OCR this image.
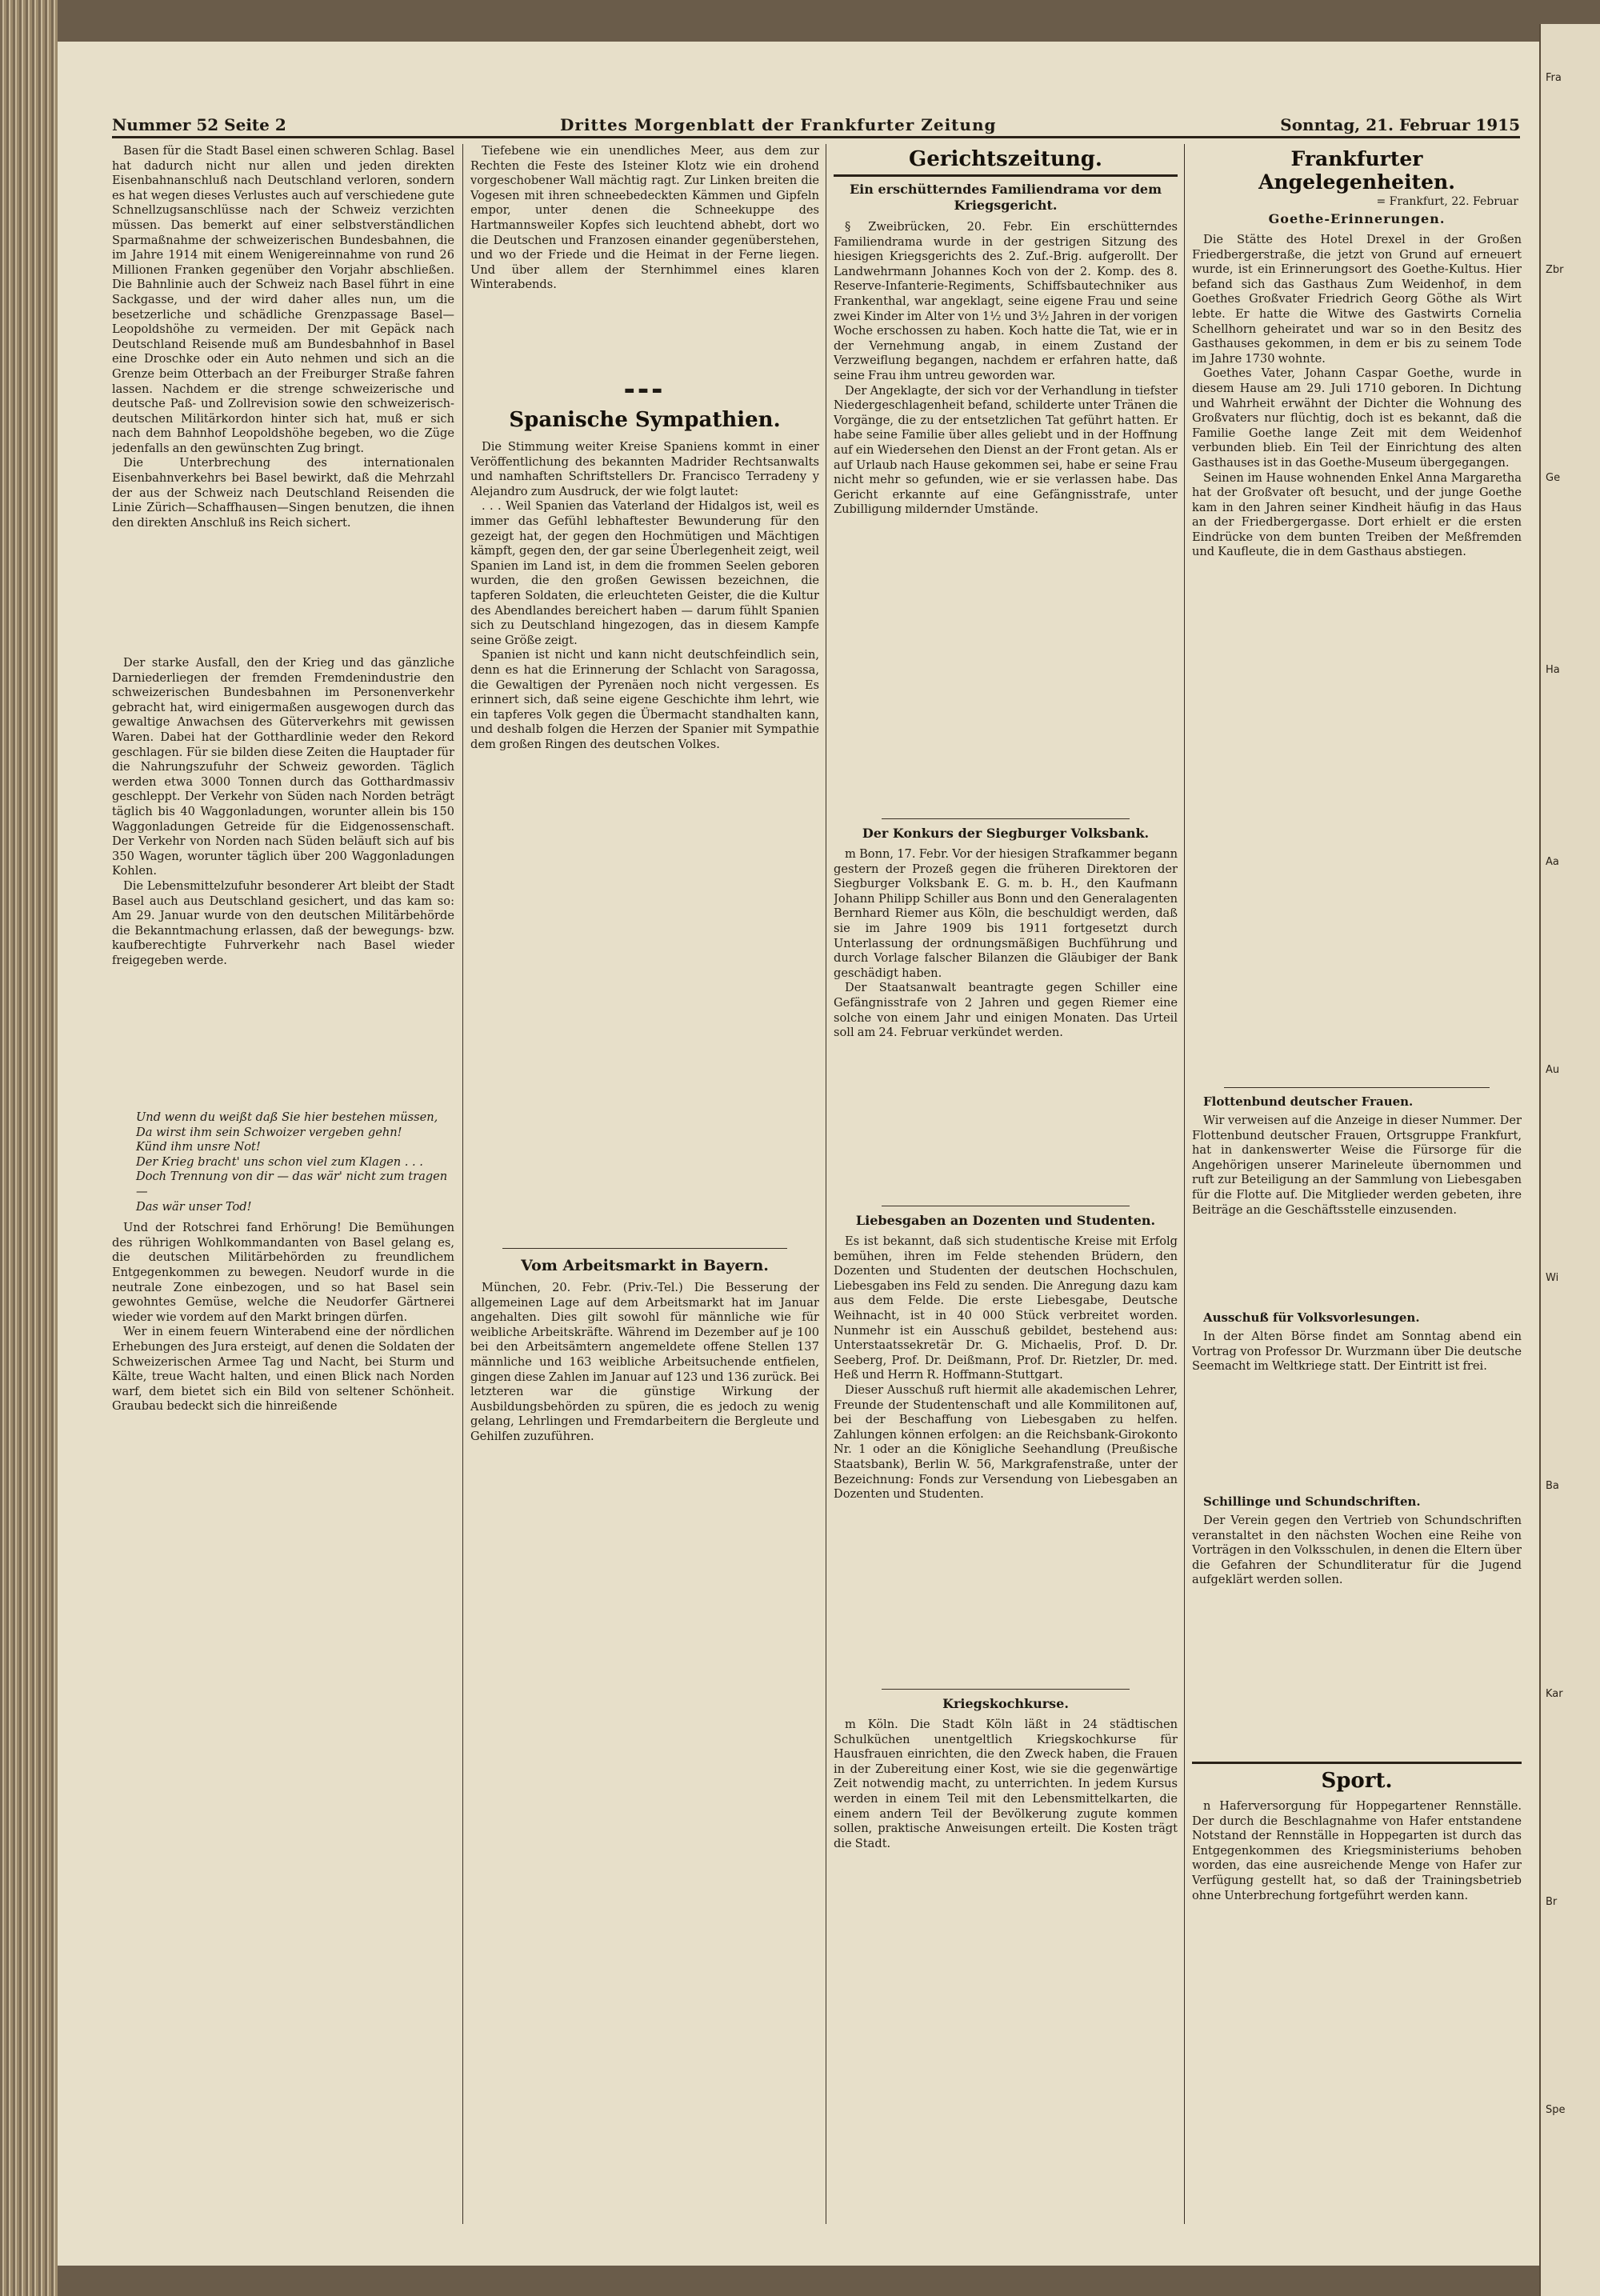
Nummer 52 Seite 2	Drittes Morgenblatt der Frankfurter Zeitung	Sonntag, 21. Februar 1915

Basen für die Stadt Basel einen schweren Schlag. Basel hat dadurch nicht nur allen und jeden direkten Eisenbahnanschluß nach Deutschland verloren, sondern es hat wegen dieses Verlustes auch auf verschiedene gute Schnellzugsanschlüsse nach der Schweiz verzichten müssen. Das bemerkt auf einer selbstverständlichen Sparmaßnahme der schweizerischen Bundesbahnen, die im Jahre 1914 mit einem Wenigereinnahme von rund 26 Millionen Franken gegenüber den Vorjahr abschließen. Die Bahnlinie auch der Schweiz nach Basel führt in eine Sackgasse, und der wird daher alles nun, um die besetzerliche und schädliche Grenzpassage Basel—Leopoldshöhe zu vermeiden. Der mit Gepäck nach Deutschland Reisende muß am Bundesbahnhof in Basel eine Droschke oder ein Auto nehmen und sich an die Grenze beim Otterbach an der Freiburger Straße fahren lassen. Nachdem er die strenge schweizerische und deutsche Paß- und Zollrevision sowie den schweizerisch-deutschen Militärkordon hinter sich hat, muß er sich nach dem Bahnhof Leopoldshöhe begeben, wo die Züge jedenfalls an den gewünschten Zug bringt.

Die Unterbrechung des internationalen Eisenbahnverkehrs bei Basel bewirkt, daß die Mehrzahl der aus der Schweiz nach Deutschland Reisenden die Linie Zürich—Schaffhausen—Singen benutzen, die ihnen den direkten Anschluß ins Reich sichert.

Der starke Ausfall, den der Krieg und das gänzliche Darniederliegen der fremden Fremdenindustrie den schweizerischen Bundesbahnen im Personenverkehr gebracht hat, wird einigermaßen ausgewogen durch das gewaltige Anwachsen des Güterverkehrs mit gewissen Waren. Dabei hat der Gotthardlinie weder den Rekord geschlagen. Für sie bilden diese Zeiten die Hauptader für die Nahrungszufuhr der Schweiz geworden. Täglich werden etwa 3000 Tonnen durch das Gotthardmassiv geschleppt. Der Verkehr von Süden nach Norden beträgt täglich bis 40 Waggonladungen, worunter allein bis 150 Waggonladungen Getreide für die Eidgenossenschaft. Der Verkehr von Norden nach Süden beläuft sich auf bis 350 Wagen, worunter täglich über 200 Waggonladungen Kohlen.

Die Lebensmittelzufuhr besonderer Art bleibt der Stadt Basel auch aus Deutschland gesichert, und das kam so: Am 29. Januar wurde von den deutschen Militärbehörde die Bekanntmachung erlassen, daß der bewegungs- bzw. kaufberechtigte Fuhrverkehr nach Basel wieder freigegeben werde.

Und wenn du weißt daß Sie hier bestehen müssen,

Da wirst ihm sein Schwoizer vergeben gehn!

Künd ihm unsre Not!

Der Krieg bracht' uns schon viel zum Klagen . . .

Doch Trennung von dir — das wär' nicht zum tragen —

Das wär unser Tod!

Und der Rotschrei fand Erhörung! Die Bemühungen des rührigen Wohlkommandanten von Basel gelang es, die deutschen Militärbehörden zu freundlichem Entgegenkommen zu bewegen. Neudorf wurde in die neutrale Zone einbezogen, und so hat Basel sein gewohntes Gemüse, welche die Neudorfer Gärtnerei wieder wie vordem auf den Markt bringen dürfen.

Wer in einem feuern Winterabend eine der nördlichen Erhebungen des Jura ersteigt, auf denen die Soldaten der Schweizerischen Armee Tag und Nacht, bei Sturm und Kälte, treue Wacht halten, und einen Blick nach Norden warf, dem bietet sich ein Bild von seltener Schönheit. Graubau bedeckt sich die hinreißende

Tiefebene wie ein unendliches Meer, aus dem zur Rechten die Feste des Isteiner Klotz wie ein drohend vorgeschobener Wall mächtig ragt. Zur Linken breiten die Vogesen mit ihren schneebedeckten Kämmen und Gipfeln empor, unter denen die Schneekuppe des Hartmannsweiler Kopfes sich leuchtend abhebt, dort wo die Deutschen und Franzosen einander gegenüberstehen, und wo der Friede und die Heimat in der Ferne liegen. Und über allem der Sternhimmel eines klaren Winterabends.

▬▬▬
Spanische Sympathien.

Die Stimmung weiter Kreise Spaniens kommt in einer Veröffentlichung des bekannten Madrider Rechtsanwalts und namhaften Schriftstellers Dr. Francisco Terradeny y Alejandro zum Ausdruck, der wie folgt lautet:

. . . Weil Spanien das Vaterland der Hidalgos ist, weil es immer das Gefühl lebhaftester Bewunderung für den gezeigt hat, der gegen den Hochmütigen und Mächtigen kämpft, gegen den, der gar seine Überlegenheit zeigt, weil Spanien im Land ist, in dem die frommen Seelen geboren wurden, die den großen Gewissen bezeichnen, die tapferen Soldaten, die erleuchteten Geister, die die Kultur des Abendlandes bereichert haben — darum fühlt Spanien sich zu Deutschland hingezogen, das in diesem Kampfe seine Größe zeigt.

Spanien ist nicht und kann nicht deutschfeindlich sein, denn es hat die Erinnerung der Schlacht von Saragossa, die Gewaltigen der Pyrenäen noch nicht vergessen. Es erinnert sich, daß seine eigene Geschichte ihm lehrt, wie ein tapferes Volk gegen die Übermacht standhalten kann, und deshalb folgen die Herzen der Spanier mit Sympathie dem großen Ringen des deutschen Volkes.

Vom Arbeitsmarkt in Bayern.

München, 20. Febr. (Priv.-Tel.) Die Besserung der allgemeinen Lage auf dem Arbeitsmarkt hat im Januar angehalten. Dies gilt sowohl für männliche wie für weibliche Arbeitskräfte. Während im Dezember auf je 100 bei den Arbeitsämtern angemeldete offene Stellen 137 männliche und 163 weibliche Arbeitsuchende entfielen, gingen diese Zahlen im Januar auf 123 und 136 zurück. Bei letzteren war die günstige Wirkung der Ausbildungsbehörden zu spüren, die es jedoch zu wenig gelang, Lehrlingen und Fremdarbeitern die Bergleute und Gehilfen zuzuführen.

Gerichtszeitung.
Ein erschütterndes Familiendrama vor dem Kriegsgericht.

§ Zweibrücken, 20. Febr. Ein erschütterndes Familiendrama wurde in der gestrigen Sitzung des hiesigen Kriegsgerichts des 2. Zuf.-Brig. aufgerollt. Der Landwehrmann Johannes Koch von der 2. Komp. des 8. Reserve-Infanterie-Regiments, Schiffsbautechniker aus Frankenthal, war angeklagt, seine eigene Frau und seine zwei Kinder im Alter von 1½ und 3½ Jahren in der vorigen Woche erschossen zu haben. Koch hatte die Tat, wie er in der Vernehmung angab, in einem Zustand der Verzweiflung begangen, nachdem er erfahren hatte, daß seine Frau ihm untreu geworden war.

Der Angeklagte, der sich vor der Verhandlung in tiefster Niedergeschlagenheit befand, schilderte unter Tränen die Vorgänge, die zu der entsetzlichen Tat geführt hatten. Er habe seine Familie über alles geliebt und in der Hoffnung auf ein Wiedersehen den Dienst an der Front getan. Als er auf Urlaub nach Hause gekommen sei, habe er seine Frau nicht mehr so gefunden, wie er sie verlassen habe. Das Gericht erkannte auf eine Gefängnisstrafe, unter Zubilligung mildernder Umstände.

Der Konkurs der Siegburger Volksbank.

m Bonn, 17. Febr. Vor der hiesigen Strafkammer begann gestern der Prozeß gegen die früheren Direktoren der Siegburger Volksbank E. G. m. b. H., den Kaufmann Johann Philipp Schiller aus Bonn und den Generalagenten Bernhard Riemer aus Köln, die beschuldigt werden, daß sie im Jahre 1909 bis 1911 fortgesetzt durch Unterlassung der ordnungsmäßigen Buchführung und durch Vorlage falscher Bilanzen die Gläubiger der Bank geschädigt haben.

Der Staatsanwalt beantragte gegen Schiller eine Gefängnisstrafe von 2 Jahren und gegen Riemer eine solche von einem Jahr und einigen Monaten. Das Urteil soll am 24. Februar verkündet werden.

Liebesgaben an Dozenten und Studenten.

Es ist bekannt, daß sich studentische Kreise mit Erfolg bemühen, ihren im Felde stehenden Brüdern, den Dozenten und Studenten der deutschen Hochschulen, Liebesgaben ins Feld zu senden. Die Anregung dazu kam aus dem Felde. Die erste Liebesgabe, Deutsche Weihnacht, ist in 40 000 Stück verbreitet worden. Nunmehr ist ein Ausschuß gebildet, bestehend aus: Unterstaatssekretär Dr. G. Michaelis, Prof. D. Dr. Seeberg, Prof. Dr. Deißmann, Prof. Dr. Rietzler, Dr. med. Heß und Herrn R. Hoffmann-Stuttgart.

Dieser Ausschuß ruft hiermit alle akademischen Lehrer, Freunde der Studentenschaft und alle Kommilitonen auf, bei der Beschaffung von Liebesgaben zu helfen. Zahlungen können erfolgen: an die Reichsbank-Girokonto Nr. 1 oder an die Königliche Seehandlung (Preußische Staatsbank), Berlin W. 56, Markgrafenstraße, unter der Bezeichnung: Fonds zur Versendung von Liebesgaben an Dozenten und Studenten.

Kriegskochkurse.

m Köln. Die Stadt Köln läßt in 24 städtischen Schulküchen unentgeltlich Kriegskochkurse für Hausfrauen einrichten, die den Zweck haben, die Frauen in der Zubereitung einer Kost, wie sie die gegenwärtige Zeit notwendig macht, zu unterrichten. In jedem Kursus werden in einem Teil mit den Lebensmittelkarten, die einem andern Teil der Bevölkerung zugute kommen sollen, praktische Anweisungen erteilt. Die Kosten trägt die Stadt.

Frankfurter Angelegenheiten.
= Frankfurt, 22. Februar
Goethe-Erinnerungen.

Die Stätte des Hotel Drexel in der Großen Friedbergerstraße, die jetzt von Grund auf erneuert wurde, ist ein Erinnerungsort des Goethe-Kultus. Hier befand sich das Gasthaus Zum Weidenhof, in dem Goethes Großvater Friedrich Georg Göthe als Wirt lebte. Er hatte die Witwe des Gastwirts Cornelia Schellhorn geheiratet und war so in den Besitz des Gasthauses gekommen, in dem er bis zu seinem Tode im Jahre 1730 wohnte.

Goethes Vater, Johann Caspar Goethe, wurde in diesem Hause am 29. Juli 1710 geboren. In Dichtung und Wahrheit erwähnt der Dichter die Wohnung des Großvaters nur flüchtig, doch ist es bekannt, daß die Familie Goethe lange Zeit mit dem Weidenhof verbunden blieb. Ein Teil der Einrichtung des alten Gasthauses ist in das Goethe-Museum übergegangen.

Seinen im Hause wohnenden Enkel Anna Margaretha hat der Großvater oft besucht, und der junge Goethe kam in den Jahren seiner Kindheit häufig in das Haus an der Friedbergergasse. Dort erhielt er die ersten Eindrücke von dem bunten Treiben der Meßfremden und Kaufleute, die in dem Gasthaus abstiegen.

Flottenbund deutscher Frauen.

Wir verweisen auf die Anzeige in dieser Nummer. Der Flottenbund deutscher Frauen, Ortsgruppe Frankfurt, hat in dankenswerter Weise die Fürsorge für die Angehörigen unserer Marineleute übernommen und ruft zur Beteiligung an der Sammlung von Liebesgaben für die Flotte auf. Die Mitglieder werden gebeten, ihre Beiträge an die Geschäftsstelle einzusenden.

Ausschuß für Volksvorlesungen.

In der Alten Börse findet am Sonntag abend ein Vortrag von Professor Dr. Wurzmann über Die deutsche Seemacht im Weltkriege statt. Der Eintritt ist frei.

Schillinge und Schundschriften.

Der Verein gegen den Vertrieb von Schundschriften veranstaltet in den nächsten Wochen eine Reihe von Vorträgen in den Volksschulen, in denen die Eltern über die Gefahren der Schundliteratur für die Jugend aufgeklärt werden sollen.

Sport.

n Haferversorgung für Hoppegartener Rennställe. Der durch die Beschlagnahme von Hafer entstandene Notstand der Rennställe in Hoppegarten ist durch das Entgegenkommen des Kriegsministeriums behoben worden, das eine ausreichende Menge von Hafer zur Verfügung gestellt hat, so daß der Trainingsbetrieb ohne Unterbrechung fortgeführt werden kann.

Fra
Zbr
Ge
Ha
Aa
Au
Wi
Ba
Kar
Br
Spe
